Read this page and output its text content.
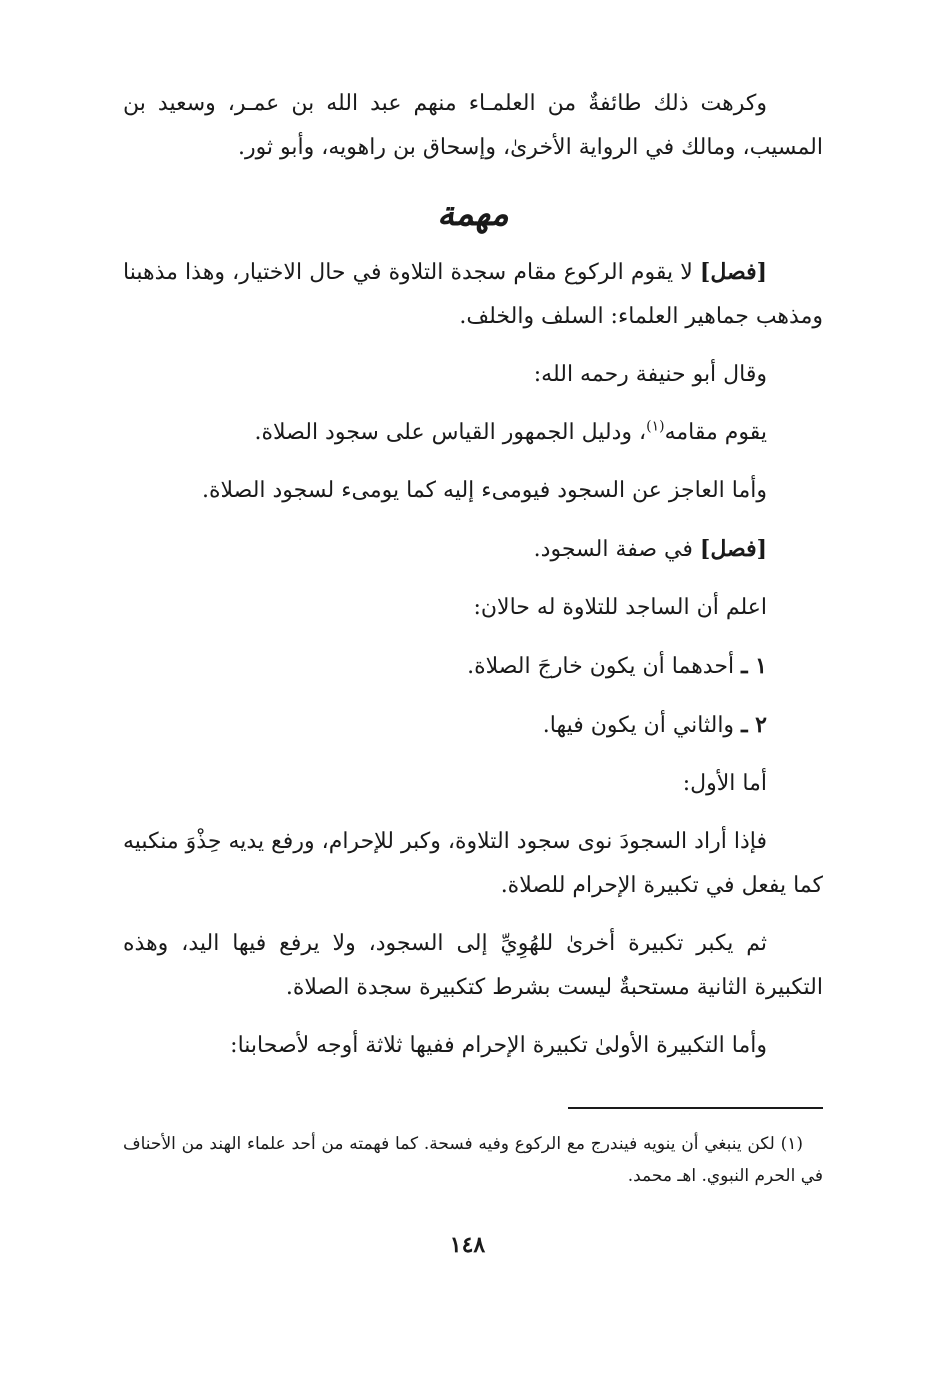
وكرهت ذلك طائفةٌ من العلمـاء منهم عبد الله بن عمـر، وسعيد بن المسيب، ومالك في الرواية الأخرىٰ، وإسحاق بن راهويه، وأبو ثور.

مهمة

[فصل] لا يقوم الركوع مقام سجدة التلاوة في حال الاختيار، وهذا مذهبنا ومذهب جماهير العلماء: السلف والخلف.

وقال أبو حنيفة رحمه الله:

يقوم مقامه$^{(١)}$، ودليل الجمهور القياس على سجود الصلاة.

وأما العاجز عن السجود فيومىء إليه كما يومىء لسجود الصلاة.

[فصل] في صفة السجود.

اعلم أن الساجد للتلاوة له حالان:

١ ـ أحدهما أن يكون خارجَ الصلاة.

٢ ـ والثاني أن يكون فيها.

أما الأول:

فإذا أراد السجودَ نوى سجود التلاوة، وكبر للإحرام، ورفع يديه حِذْوَ منكبيه كما يفعل في تكبيرة الإحرام للصلاة.

ثم يكبر تكبيرة أخرىٰ للهُوِيِّ إلى السجود، ولا يرفع فيها اليد، وهذه التكبيرة الثانية مستحبةٌ ليست بشرط كتكبيرة سجدة الصلاة.

وأما التكبيرة الأولىٰ تكبيرة الإحرام ففيها ثلاثة أوجه لأصحابنا:

(١) لكن ينبغي أن ينويه فيندرج مع الركوع وفيه فسحة. كما فهمته من أحد علماء الهند من الأحناف في الحرم النبوي. اهـ محمد.

١٤٨
